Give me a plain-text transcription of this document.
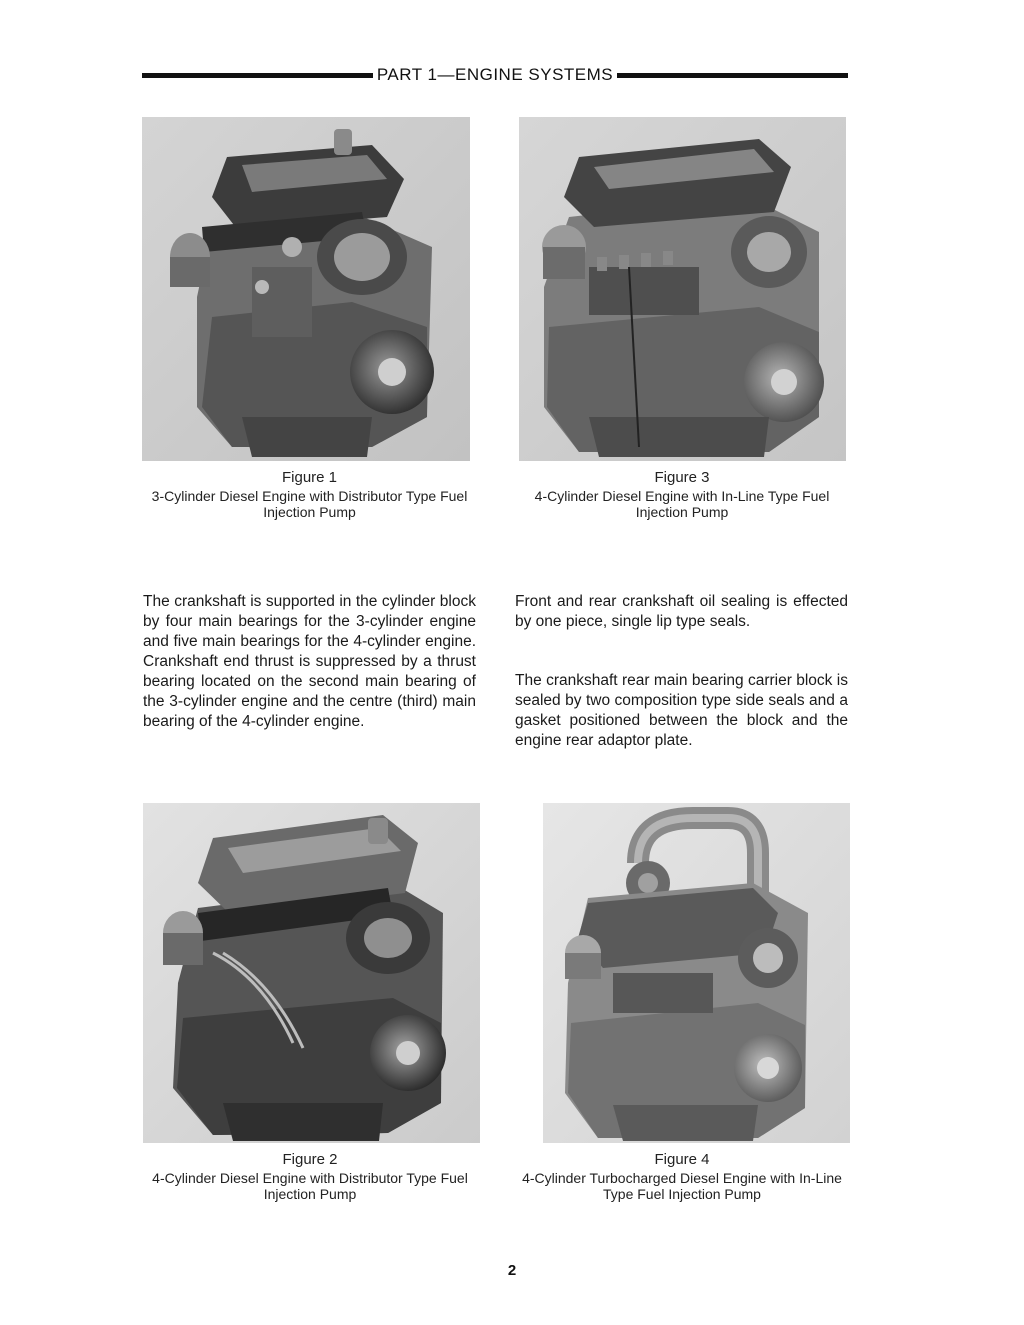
PART 1—ENGINE SYSTEMS
Figure 1
3-Cylinder Diesel Engine with Distributor Type Fuel Injection Pump
Figure 3
4-Cylinder Diesel Engine with In-Line Type Fuel Injection Pump

The crankshaft is supported in the cylinder block by four main bearings for the 3-cylinder engine and five main bearings for the 4-cylinder engine. Crankshaft end thrust is suppressed by a thrust bearing located on the second main bearing of the 3-cylinder engine and the centre (third) main bearing of the 4-cylinder engine.

Front and rear crankshaft oil sealing is effected by one piece, single lip type seals.

The crankshaft rear main bearing carrier block is sealed by two composition type side seals and a gasket positioned between the block and the engine rear adaptor plate.

Figure 2
4-Cylinder Diesel Engine with Distributor Type Fuel Injection Pump
Figure 4
4-Cylinder Turbocharged Diesel Engine with In-Line Type Fuel Injection Pump
2
